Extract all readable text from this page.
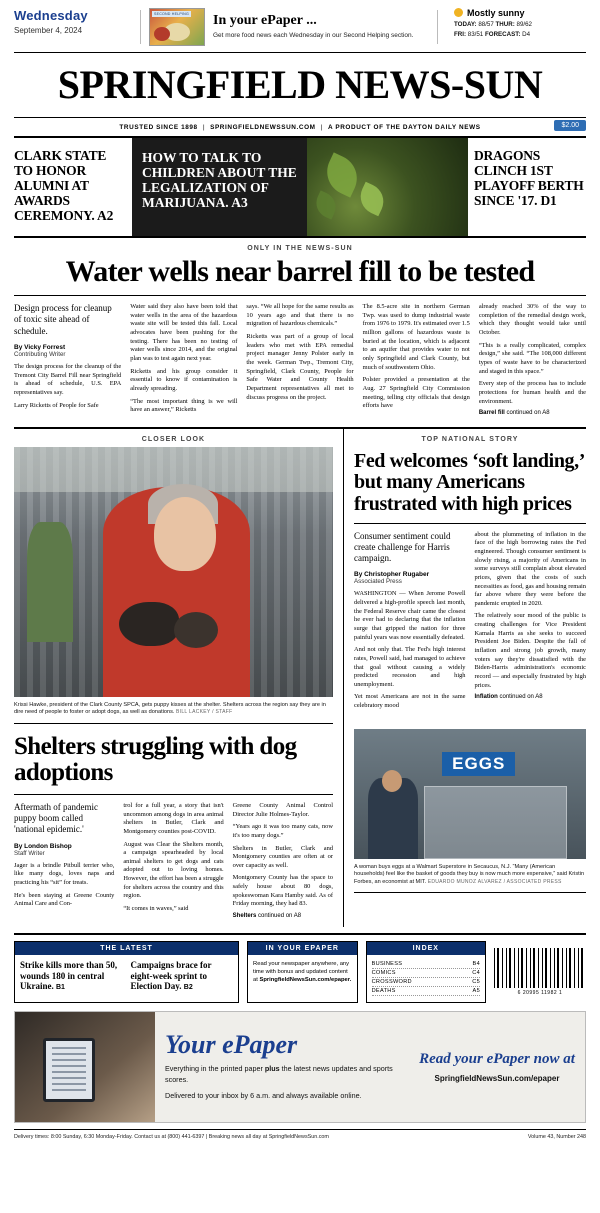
Wednesday
September 4, 2024
SECOND HELPING In your ePaper ...
Get more food news each Wednesday in our Second Helping section.
Mostly sunny
TODAY: 88/57 THUR: 89/62
FRI: 83/51 FORECAST: D4
SPRINGFIELD NEWS-SUN
TRUSTED SINCE 1898 | SPRINGFIELDNEWSSUN.COM | A PRODUCT OF THE DAYTON DAILY NEWS	$2.00
CLARK STATE TO HONOR ALUMNI AT AWARDS CEREMONY. A2
HOW TO TALK TO CHILDREN ABOUT THE LEGALIZATION OF MARIJUANA. A3
DRAGONS CLINCH 1ST PLAYOFF BERTH SINCE '17. D1
ONLY IN THE NEWS-SUN
Water wells near barrel fill to be tested
Design process for cleanup of toxic site ahead of schedule.
By Vicky Forrest
Contributing Writer

The design process for the cleanup of the Tremont City Barrel Fill near Springfield is ahead of schedule, U.S. EPA representatives say.

Larry Ricketts of People for Safe

Water said they also have been told that water wells in the area of the hazardous waste site will be tested this fall. Local advocates have been pushing for the testing. There has been no testing of water wells since 2014, and the original plan was to test again next year.

Ricketts and his group consider it essential to know if contamination is already spreading.

“The most important thing is we will have an answer,” Ricketts

says. “We all hope for the same results as 10 years ago and that there is no migration of hazardous chemicals.”

Ricketts was part of a group of local leaders who met with EPA remedial project manager Jenny Polster early in the week. German Twp., Tremont City, Springfield, Clark County, People for Safe Water and County Health Department representatives all met to discuss progress on the project.

The 8.5-acre site in northern German Twp. was used to dump industrial waste from 1976 to 1979. It's estimated over 1.5 million gallons of hazardous waste is buried at the location, which is adjacent to an aquifer that provides water to not only Springfield and Clark County, but much of southwestern Ohio.

Polster provided a presentation at the Aug. 27 Springfield City Commission meeting, telling city officials that design efforts have

already reached 30% of the way to completion of the remedial design work, which they thought would take until October.

“This is a really complicated, complex design,” she said. “The 108,000 different types of waste have to be characterized and staged in this space.”

Every step of the process has to include protections for human health and the environment.

Barrel fill continued on A8
CLOSER LOOK
Krissi Hawke, president of the Clark County SPCA, gets puppy kisses at the shelter. Shelters across the region say they are in dire need of people to foster or adopt dogs, as well as donations. BILL LACKEY / STAFF
Shelters struggling with dog adoptions
Aftermath of pandemic puppy boom called 'national epidemic.'
By London Bishop
Staff Writer

Jager is a brindle Pitbull terrier who, like many dogs, loves naps and practicing his “sit” for treats.

He's been staying at Greene County Animal Care and Con-

trol for a full year, a story that isn't uncommon among dogs in area animal shelters in Butler, Clark and Montgomery counties post-COVID.

August was Clear the Shelters month, a campaign spearheaded by local animal shelters to get dogs and cats adopted out to loving homes. However, the effort has been a struggle for shelters across the country and this region.

“It comes in waves,” said

Greene County Animal Control Director Julie Holmes-Taylor.

“Years ago it was too many cats, now it's too many dogs.”

Shelters in Butler, Clark and Montgomery counties are often at or over capacity as well.

Montgomery County has the space to safely house about 80 dogs, spokeswoman Kara Hamby said. As of Friday morning, they had 83.

Shelters continued on A8
TOP NATIONAL STORY
Fed welcomes ‘soft landing,’ but many Americans frustrated with high prices
Consumer sentiment could create challenge for Harris campaign.
By Christopher Rugaber
Associated Press

WASHINGTON — When Jerome Powell delivered a high-profile speech last month, the Federal Reserve chair came the closest he ever had to declaring that the inflation surge that gripped the nation for three painful years was now essentially defeated.

And not only that. The Fed's high interest rates, Powell said, had managed to achieve that goal without causing a widely predicted recession and high unemployment.

Yet most Americans are not in the same celebratory mood

about the plummeting of inflation in the face of the high borrowing rates the Fed engineered. Though consumer sentiment is slowly rising, a majority of Americans in some surveys still complain about elevated prices, given that the costs of such necessities as food, gas and housing remain far above where they were before the pandemic erupted in 2020.

The relatively sour mood of the public is creating challenges for Vice President Kamala Harris as she seeks to succeed President Joe Biden. Despite the fall of inflation and strong job growth, many voters say they're dissatisfied with the Biden-Harris administration's economic record — and especially frustrated by high prices.

Inflation continued on A8
EGGS
A woman buys eggs at a Walmart Superstore in Secaucus, N.J. “Many (American households) feel like the basket of goods they buy is now much more expensive,” said Kristin Forbes, an economist at MIT. EDUARDO MUNOZ ALVAREZ / ASSOCIATED PRESS
THE LATEST
Strike kills more than 50, wounds 180 in central Ukraine. B1
Campaigns brace for eight-week sprint to Election Day. B2
IN YOUR EPAPER
Read your newspaper anywhere, any time with bonus and updated content at SpringfieldNewsSun.com/epaper.
INDEX
BUSINESS	B4
COMICS	C4
CROSSWORD	C5
DEATHS	A5	6 20995 11982 1
Your ePaper
Everything in the printed paper plus the latest news updates and sports scores.
Delivered to your inbox by 6 a.m. and always available online.
Read your ePaper now at
SpringfieldNewsSun.com/epaper
Delivery times: 8:00 Sunday, 6:30 Monday-Friday. Contact us at (800) 441-6397 | Breaking news all day at SpringfieldNewsSun.com	Volume 43, Number 248
